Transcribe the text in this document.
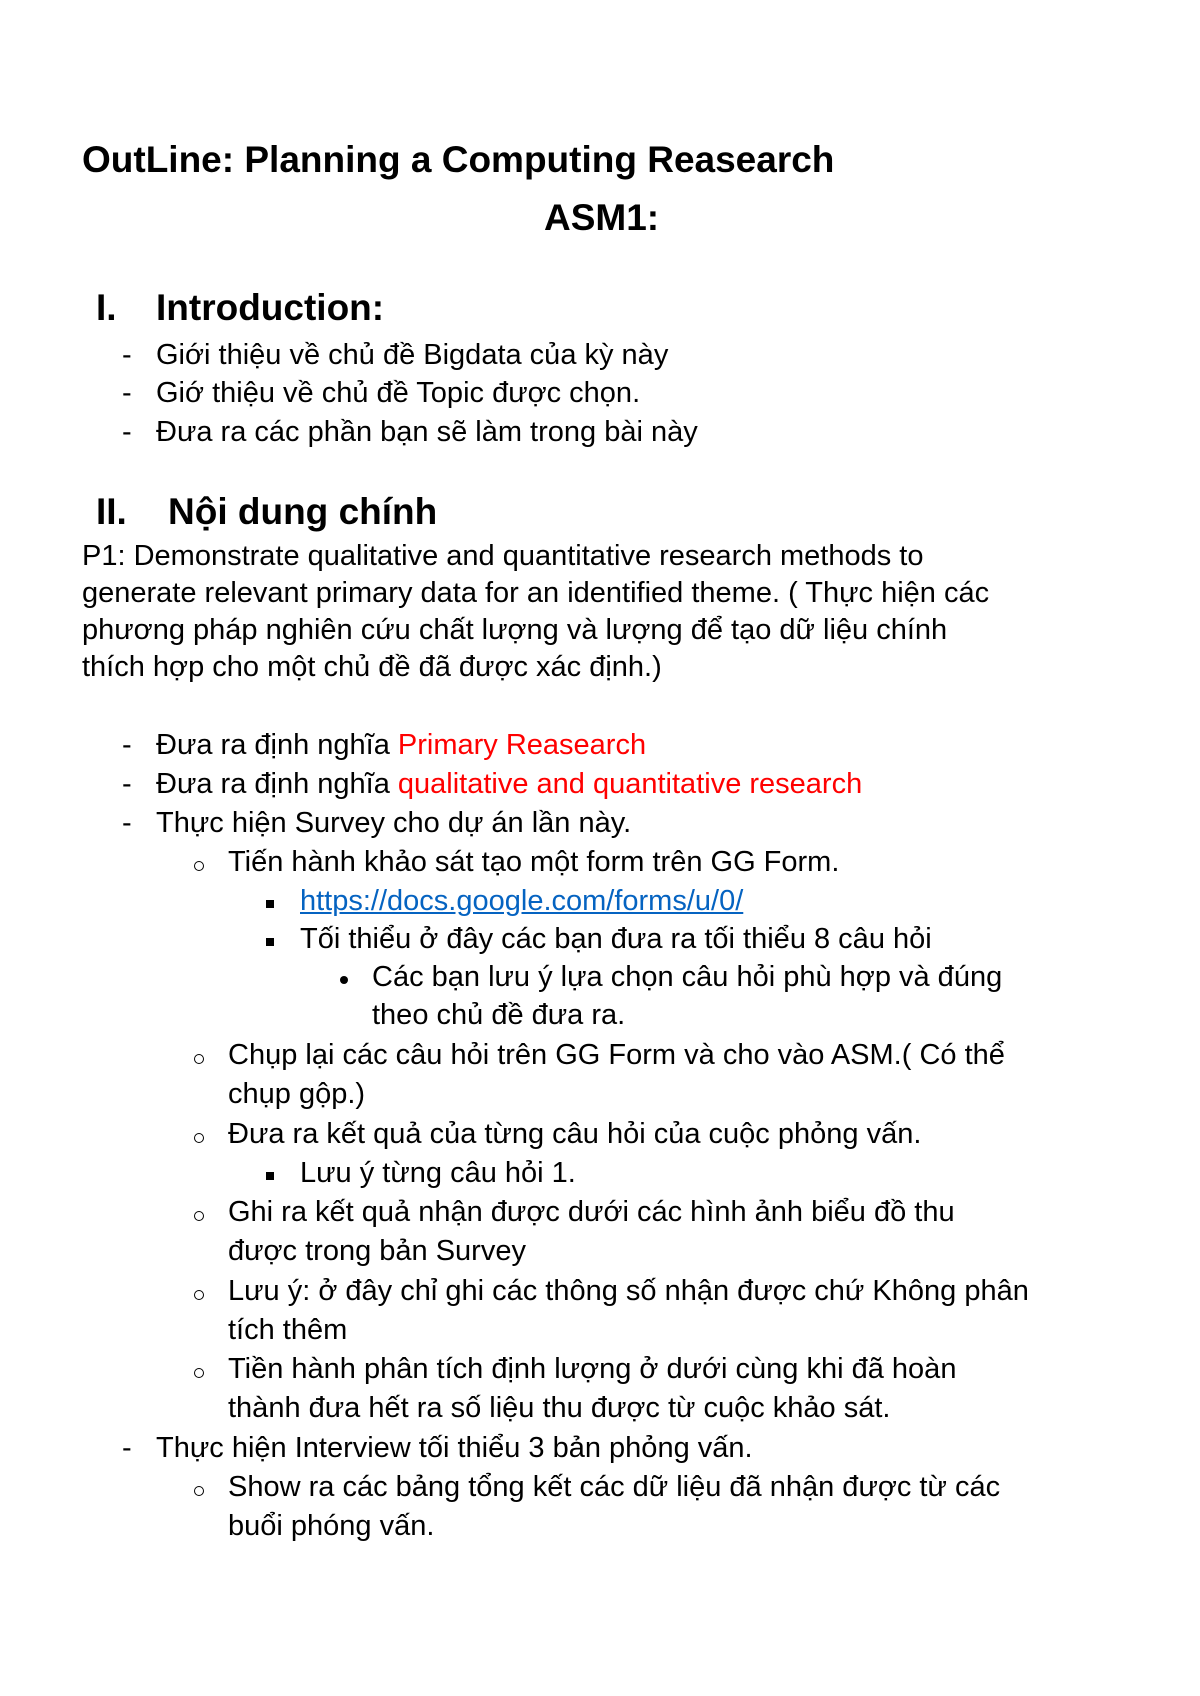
OutLine: Planning a Computing Reasearch
ASM1:
I. Introduction:
- Giới thiệu về chủ đề Bigdata của kỳ này
- Giớ thiệu về chủ đề Topic được chọn.
- Đưa ra các phần bạn sẽ làm trong bài này
II. Nội dung chính
P1: Demonstrate qualitative and quantitative research methods to
generate relevant primary data for an identified theme. ( Thực hiện các
phương pháp nghiên cứu chất lượng và lượng để tạo dữ liệu chính
thích hợp cho một chủ đề đã được xác định.)
- Đưa ra định nghĩa Primary Reasearch
- Đưa ra định nghĩa qualitative and quantitative research
- Thực hiện Survey cho dự án lần này.
Tiến hành khảo sát tạo một form trên GG Form.
https://docs.google.com/forms/u/0/
Tối thiểu ở đây các bạn đưa ra tối thiểu 8 câu hỏi
Các bạn lưu ý lựa chọn câu hỏi phù hợp và đúng
theo chủ đề đưa ra.
Chụp lại các câu hỏi trên GG Form và cho vào ASM.( Có thể
chụp gộp.)
Đưa ra kết quả của từng câu hỏi của cuộc phỏng vấn.
Lưu ý từng câu hỏi 1.
Ghi ra kết quả nhận được dưới các hình ảnh biểu đồ thu
được trong bản Survey
Lưu ý: ở đây chỉ ghi các thông số nhận được chứ Không phân
tích thêm
Tiền hành phân tích định lượng ở dưới cùng khi đã hoàn
thành đưa hết ra số liệu thu được từ cuộc khảo sát.
- Thực hiện Interview tối thiểu 3 bản phỏng vấn.
Show ra các bảng tổng kết các dữ liệu đã nhận được từ các
buổi phóng vấn.
